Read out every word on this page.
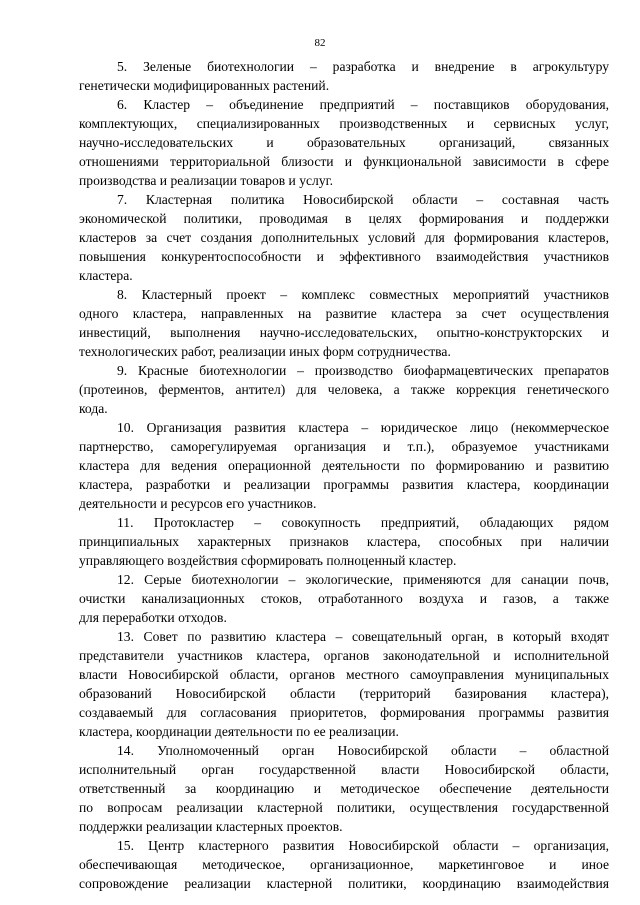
82
5. Зеленые биотехнологии – разработка и внедрение в агрокультуру
генетически модифицированных растений.
6. Кластер – объединение предприятий – поставщиков оборудования,
комплектующих, специализированных производственных и сервисных услуг,
научно-исследовательских и образовательных организаций, связанных
отношениями территориальной близости и функциональной зависимости в сфере
производства и реализации товаров и услуг.
7. Кластерная политика Новосибирской области – составная часть
экономической политики, проводимая в целях формирования и поддержки
кластеров за счет создания дополнительных условий для формирования кластеров,
повышения конкурентоспособности и эффективного взаимодействия участников
кластера.
8. Кластерный проект – комплекс совместных мероприятий участников
одного кластера, направленных на развитие кластера за счет осуществления
инвестиций, выполнения научно-исследовательских, опытно-конструкторских и
технологических работ, реализации иных форм сотрудничества.
9. Красные биотехнологии – производство биофармацевтических препаратов
(протеинов, ферментов, антител) для человека, а также коррекция генетического
кода.
10. Организация развития кластера – юридическое лицо (некоммерческое
партнерство, саморегулируемая организация и т.п.), образуемое участниками
кластера для ведения операционной деятельности по формированию и развитию
кластера, разработки и реализации программы развития кластера, координации
деятельности и ресурсов его участников.
11. Протокластер – совокупность предприятий, обладающих рядом
принципиальных характерных признаков кластера, способных при наличии
управляющего воздействия сформировать полноценный кластер.
12. Серые биотехнологии – экологические, применяются для санации почв,
очистки канализационных стоков, отработанного воздуха и газов, а также
для переработки отходов.
13. Совет по развитию кластера – совещательный орган, в который входят
представители участников кластера, органов законодательной и исполнительной
власти Новосибирской области, органов местного самоуправления муниципальных
образований Новосибирской области (территорий базирования кластера),
создаваемый для согласования приоритетов, формирования программы развития
кластера, координации деятельности по ее реализации.
14. Уполномоченный орган Новосибирской области – областной
исполнительный орган государственной власти Новосибирской области,
ответственный за координацию и методическое обеспечение деятельности
по вопросам реализации кластерной политики, осуществления государственной
поддержки реализации кластерных проектов.
15. Центр кластерного развития Новосибирской области – организация,
обеспечивающая методическое, организационное, маркетинговое и иное
сопровождение реализации кластерной политики, координацию взаимодействия
